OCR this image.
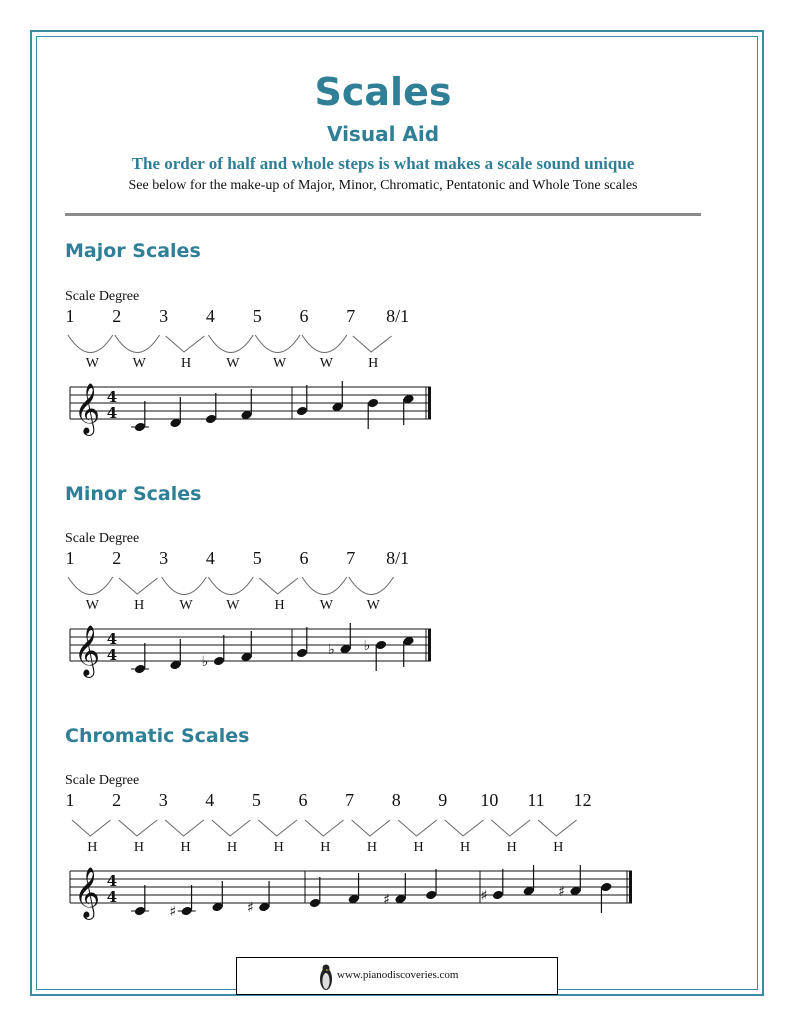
Scales
Visual Aid
The order of half and whole steps is what makes a scale sound unique
See below for the make-up of Major, Minor, Chromatic, Pentatonic and Whole Tone scales
Major Scales
Scale Degree
1 2 3 4 5 6 7 8/1
W W	H	W W W	H
𝄞 4
4
Minor Scales
Scale Degree
1 2 3 4 5 6 7 8/1
W	H	W W	H	W W
𝄞 4
4	♭
♭ ♭
Chromatic Scales
Scale Degree
1 2 3 4 5 6 7 8 9 10 11 12
H	H	H	H	H	H	H	H	H	H	H
𝄞 4
4
♯	♯	♯	♯	♯
www.pianodiscoveries.com
